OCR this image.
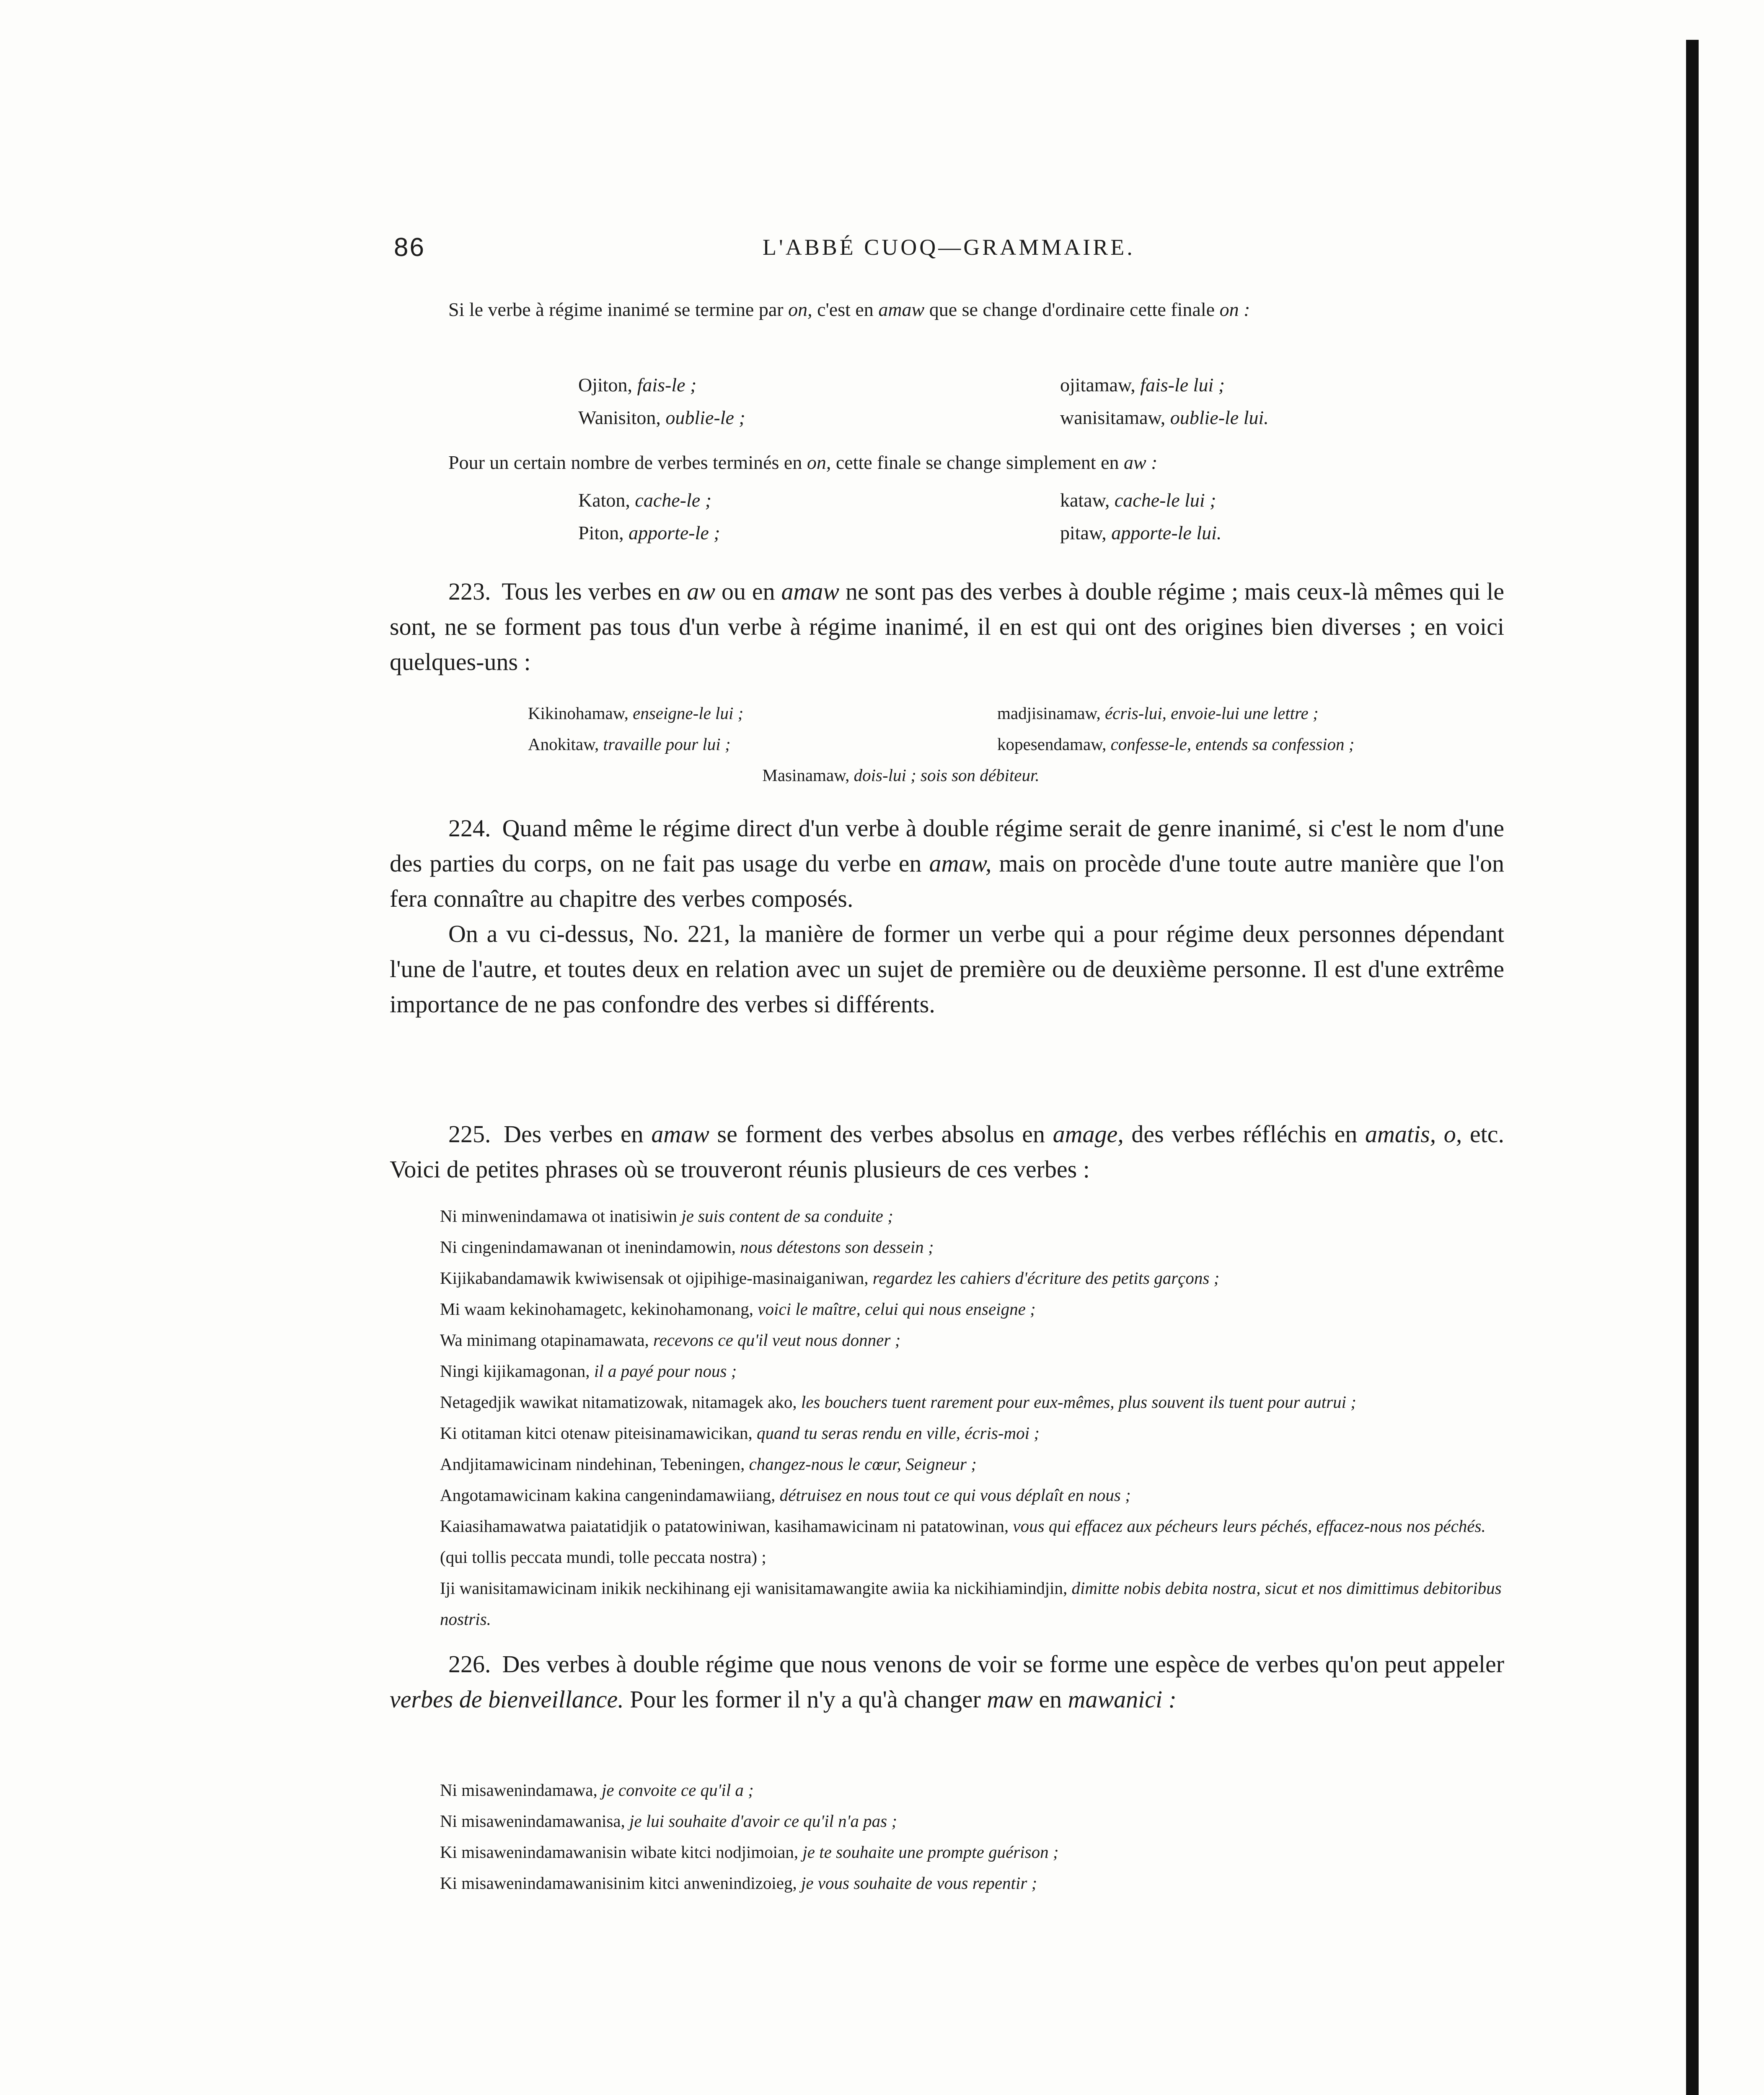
86	L'ABBÉ CUOQ—GRAMMAIRE.

Si le verbe à régime inanimé se termine par on, c'est en amaw que se change d'ordinaire cette finale on :

Ojiton, fais-le ;	ojitamaw, fais-le lui ;
Wanisiton, oublie-le ;	wanisitamaw, oublie-le lui.

Pour un certain nombre de verbes terminés en on, cette finale se change simplement en aw :

Katon, cache-le ;	kataw, cache-le lui ;
Piton, apporte-le ;	pitaw, apporte-le lui.

223. Tous les verbes en aw ou en amaw ne sont pas des verbes à double régime ; mais ceux-là mêmes qui le sont, ne se forment pas tous d'un verbe à régime inanimé, il en est qui ont des origines bien diverses ; en voici quelques-uns :

Kikinohamaw, enseigne-le lui ;	madjisinamaw, écris-lui, envoie-lui une lettre ;
Anokitaw, travaille pour lui ;	kopesendamaw, confesse-le, entends sa confession ;
Masinamaw, dois-lui ; sois son débiteur.

224. Quand même le régime direct d'un verbe à double régime serait de genre inanimé, si c'est le nom d'une des parties du corps, on ne fait pas usage du verbe en amaw, mais on procède d'une toute autre manière que l'on fera connaître au chapitre des verbes composés.

On a vu ci-dessus, No. 221, la manière de former un verbe qui a pour régime deux personnes dépendant l'une de l'autre, et toutes deux en relation avec un sujet de première ou de deuxième personne. Il est d'une extrême importance de ne pas confondre des verbes si différents.

225. Des verbes en amaw se forment des verbes absolus en amage, des verbes réfléchis en amatis, o, etc. Voici de petites phrases où se trouveront réunis plusieurs de ces verbes :

Ni minwenindamawa ot inatisiwin je suis content de sa conduite ;

Ni cingenindamawanan ot inenindamowin, nous détestons son dessein ;

Kijikabandamawik kwiwisensak ot ojipihige-masinaiganiwan, regardez les cahiers d'écriture des petits garçons ;

Mi waam kekinohamagetc, kekinohamonang, voici le maître, celui qui nous enseigne ;

Wa minimang otapinamawata, recevons ce qu'il veut nous donner ;

Ningi kijikamagonan, il a payé pour nous ;

Netagedjik wawikat nitamatizowak, nitamagek ako, les bouchers tuent rarement pour eux-mêmes, plus souvent ils tuent pour autrui ;

Ki otitaman kitci otenaw piteisinamawicikan, quand tu seras rendu en ville, écris-moi ;

Andjitamawicinam nindehinan, Tebeningen, changez-nous le cœur, Seigneur ;

Angotamawicinam kakina cangenindamawiiang, détruisez en nous tout ce qui vous déplaît en nous ;

Kaiasihamawatwa paiatatidjik o patatowiniwan, kasihamawicinam ni patatowinan, vous qui effacez aux pécheurs leurs péchés, effacez-nous nos péchés. (qui tollis peccata mundi, tolle peccata nostra) ;

Iji wanisitamawicinam inikik neckihinang eji wanisitamawangite awiia ka nickihiamindjin, dimitte nobis debita nostra, sicut et nos dimittimus debitoribus nostris.

226. Des verbes à double régime que nous venons de voir se forme une espèce de verbes qu'on peut appeler verbes de bienveillance. Pour les former il n'y a qu'à changer maw en mawanici :

Ni misawenindamawa, je convoite ce qu'il a ;

Ni misawenindamawanisa, je lui souhaite d'avoir ce qu'il n'a pas ;

Ki misawenindamawanisin wibate kitci nodjimoian, je te souhaite une prompte guérison ;

Ki misawenindamawanisinim kitci anwenindizoieg, je vous souhaite de vous repentir ;
